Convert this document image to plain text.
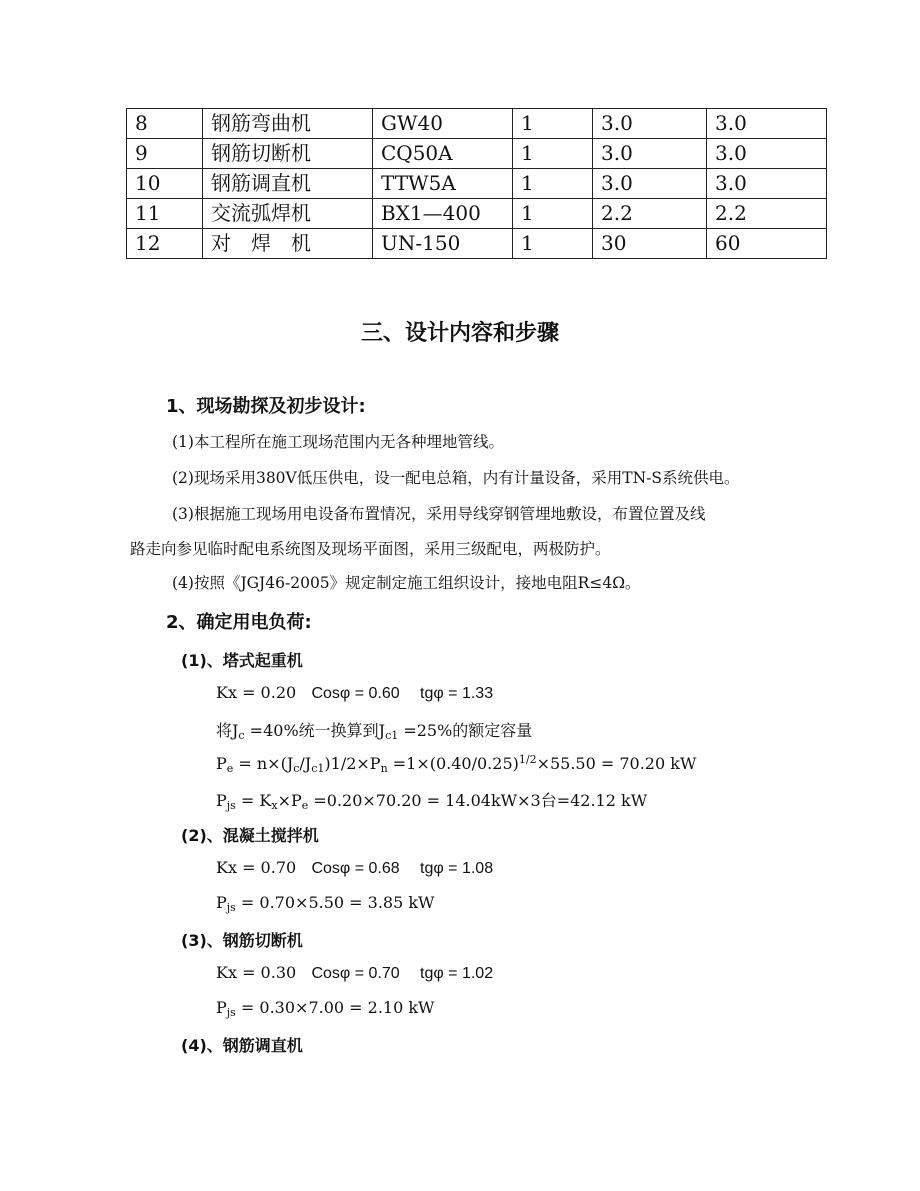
8	钢筋弯曲机	GW40	1	3.0	3.0
9	钢筋切断机	CQ50A	1	3.0	3.0
10	钢筋调直机	TTW5A	1	3.0	3.0
11	交流弧焊机	BX1—400	1	2.2	2.2
12	对焊机	UN-150	1	30	60
三、设计内容和步骤
1、现场勘探及初步设计:
(1)本工程所在施工现场范围内无各种埋地管线。
(2)现场采用380V低压供电，设一配电总箱，内有计量设备，采用TN-S系统供电。
(3)根据施工现场用电设备布置情况，采用导线穿钢管埋地敷设，布置位置及线
路走向参见临时配电系统图及现场平面图，采用三级配电，两极防护。
(4)按照《JGJ46-2005》规定制定施工组织设计，接地电阻R≤4Ω。
2、确定用电负荷:
(1)、塔式起重机
Kx = 0.20 Cosφ = 0.60 tgφ = 1.33
将$J_c =40\%$统一换算到$J_{c1} =25\%$的额定容量
$P_e = n\times(J_c/J_{c1})1/2\times P_n =1\times(0.40/0.25)^{1/2}\times 55.50 = 70.20$ kW
$P_{js} = K_x\times P_e =0.20\times 70.20 = 14.04kW\times 3$台=42.12 kW
(2)、混凝土搅拌机
Kx = 0.70 Cosφ = 0.68 tgφ = 1.08
$P_{js} = 0.70\times 5.50 = 3.85$ kW
(3)、钢筋切断机
Kx = 0.30 Cosφ = 0.70 tgφ = 1.02
$P_{js} = 0.30\times 7.00 = 2.10$ kW
(4)、钢筋调直机
